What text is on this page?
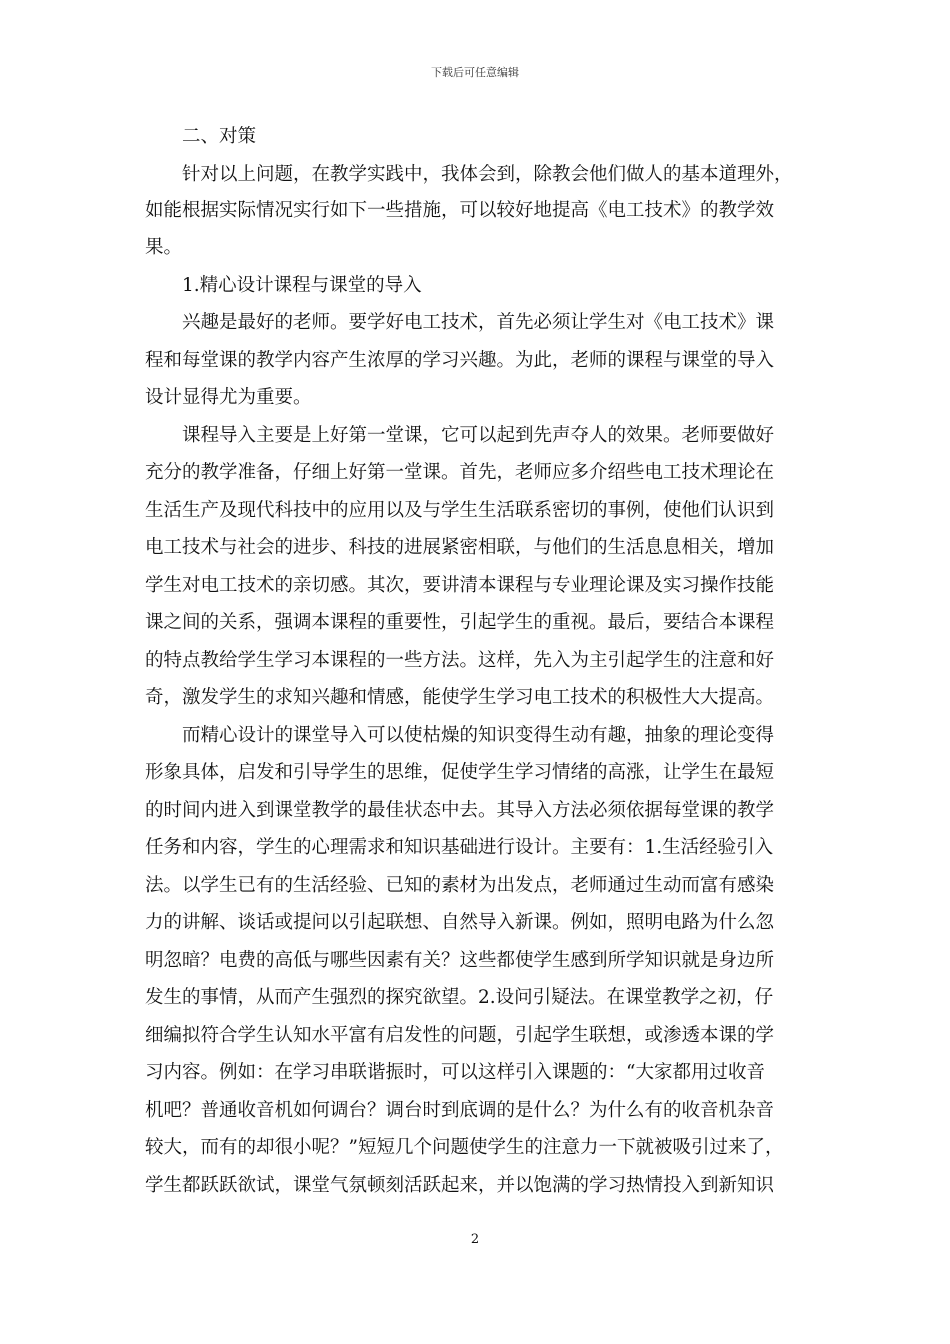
下载后可任意编辑
　　二、对策
　　针对以上问题，在教学实践中，我体会到，除教会他们做人的基本道理外，
如能根据实际情况实行如下一些措施，可以较好地提高《电工技术》的教学效
果。
　　1.精心设计课程与课堂的导入
　　兴趣是最好的老师。要学好电工技术，首先必须让学生对《电工技术》课
程和每堂课的教学内容产生浓厚的学习兴趣。为此，老师的课程与课堂的导入
设计显得尤为重要。
　　课程导入主要是上好第一堂课，它可以起到先声夺人的效果。老师要做好
充分的教学准备，仔细上好第一堂课。首先，老师应多介绍些电工技术理论在
生活生产及现代科技中的应用以及与学生生活联系密切的事例，使他们认识到
电工技术与社会的进步、科技的进展紧密相联，与他们的生活息息相关，增加
学生对电工技术的亲切感。其次，要讲清本课程与专业理论课及实习操作技能
课之间的关系，强调本课程的重要性，引起学生的重视。最后，要结合本课程
的特点教给学生学习本课程的一些方法。这样，先入为主引起学生的注意和好
奇，激发学生的求知兴趣和情感，能使学生学习电工技术的积极性大大提高。
　　而精心设计的课堂导入可以使枯燥的知识变得生动有趣，抽象的理论变得
形象具体，启发和引导学生的思维，促使学生学习情绪的高涨，让学生在最短
的时间内进入到课堂教学的最佳状态中去。其导入方法必须依据每堂课的教学
任务和内容，学生的心理需求和知识基础进行设计。主要有：1.生活经验引入
法。以学生已有的生活经验、已知的素材为出发点，老师通过生动而富有感染
力的讲解、谈话或提问以引起联想、自然导入新课。例如，照明电路为什么忽
明忽暗？电费的高低与哪些因素有关？这些都使学生感到所学知识就是身边所
发生的事情，从而产生强烈的探究欲望。2.设问引疑法。在课堂教学之初，仔
细编拟符合学生认知水平富有启发性的问题，引起学生联想，或渗透本课的学
习内容。例如：在学习串联谐振时，可以这样引入课题的：“大家都用过收音
机吧？普通收音机如何调台？调台时到底调的是什么？为什么有的收音机杂音
较大，而有的却很小呢？”短短几个问题使学生的注意力一下就被吸引过来了，
学生都跃跃欲试，课堂气氛顿刻活跃起来，并以饱满的学习热情投入到新知识
2
